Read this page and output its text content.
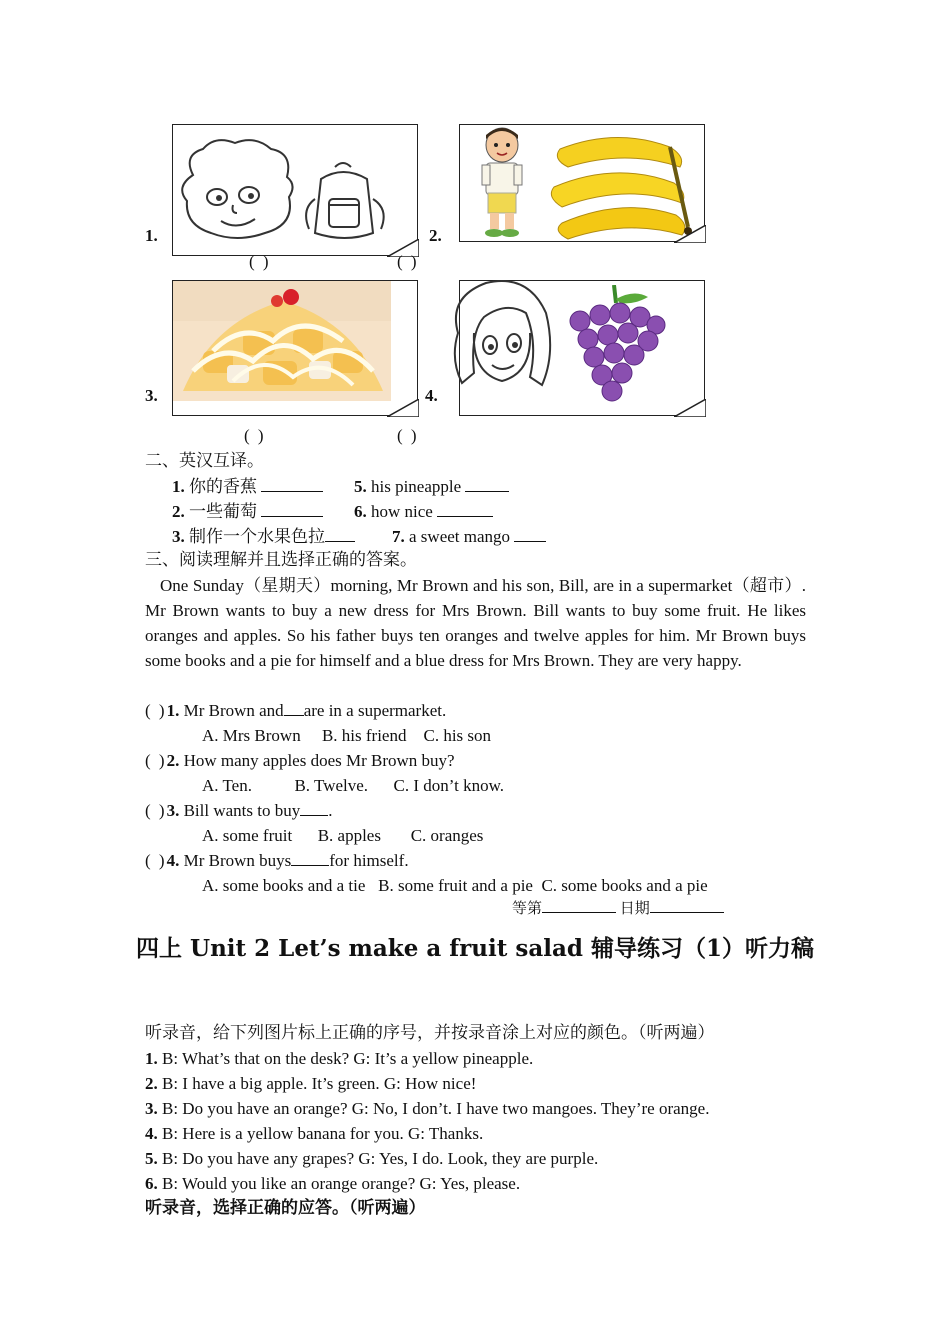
1.
( )
2.
( )
3.
( )
4.
( )
二、英汉互译。
1. 你的香蕉	5. his pineapple
2. 一些葡萄	6. how nice
3. 制作一个水果色拉	7. a sweet mango
三、阅读理解并且选择正确的答案。
One Sunday（星期天）morning, Mr Brown and his son, Bill, are in a supermarket（超市）. Mr Brown wants to buy a new dress for Mrs Brown. Bill wants to buy some fruit. He likes oranges and apples. So his father buys ten oranges and twelve apples for him. Mr Brown buys some books and a pie for himself and a blue dress for Mrs Brown. They are very happy.
( )1. Mr Brown and are in a supermarket.
A. Mrs Brown B. his friend C. his son
( )2. How many apples does Mr Brown buy?
A. Ten.	B. Twelve. C. I don’t know.
( )3. Bill wants to buy .
A. some fruit B. apples C. oranges
( )4. Mr Brown buys for himself.
A. some books and a tie B. some fruit and a pie C. some books and a pie
等第	日期
四上 Unit 2 Let’s make a fruit salad 辅导练习（1）听力稿
听录音，给下列图片标上正确的序号，并按录音涂上对应的颜色。（听两遍）
1. B: What’s that on the desk? G: It’s a yellow pineapple.
2. B: I have a big apple. It’s green. G: How nice!
3. B: Do you have an orange? G: No, I don’t. I have two mangoes. They’re orange.
4. B: Here is a yellow banana for you. G: Thanks.
5. B: Do you have any grapes? G: Yes, I do. Look, they are purple.
6. B: Would you like an orange orange? G: Yes, please.
听录音，选择正确的应答。（听两遍）
